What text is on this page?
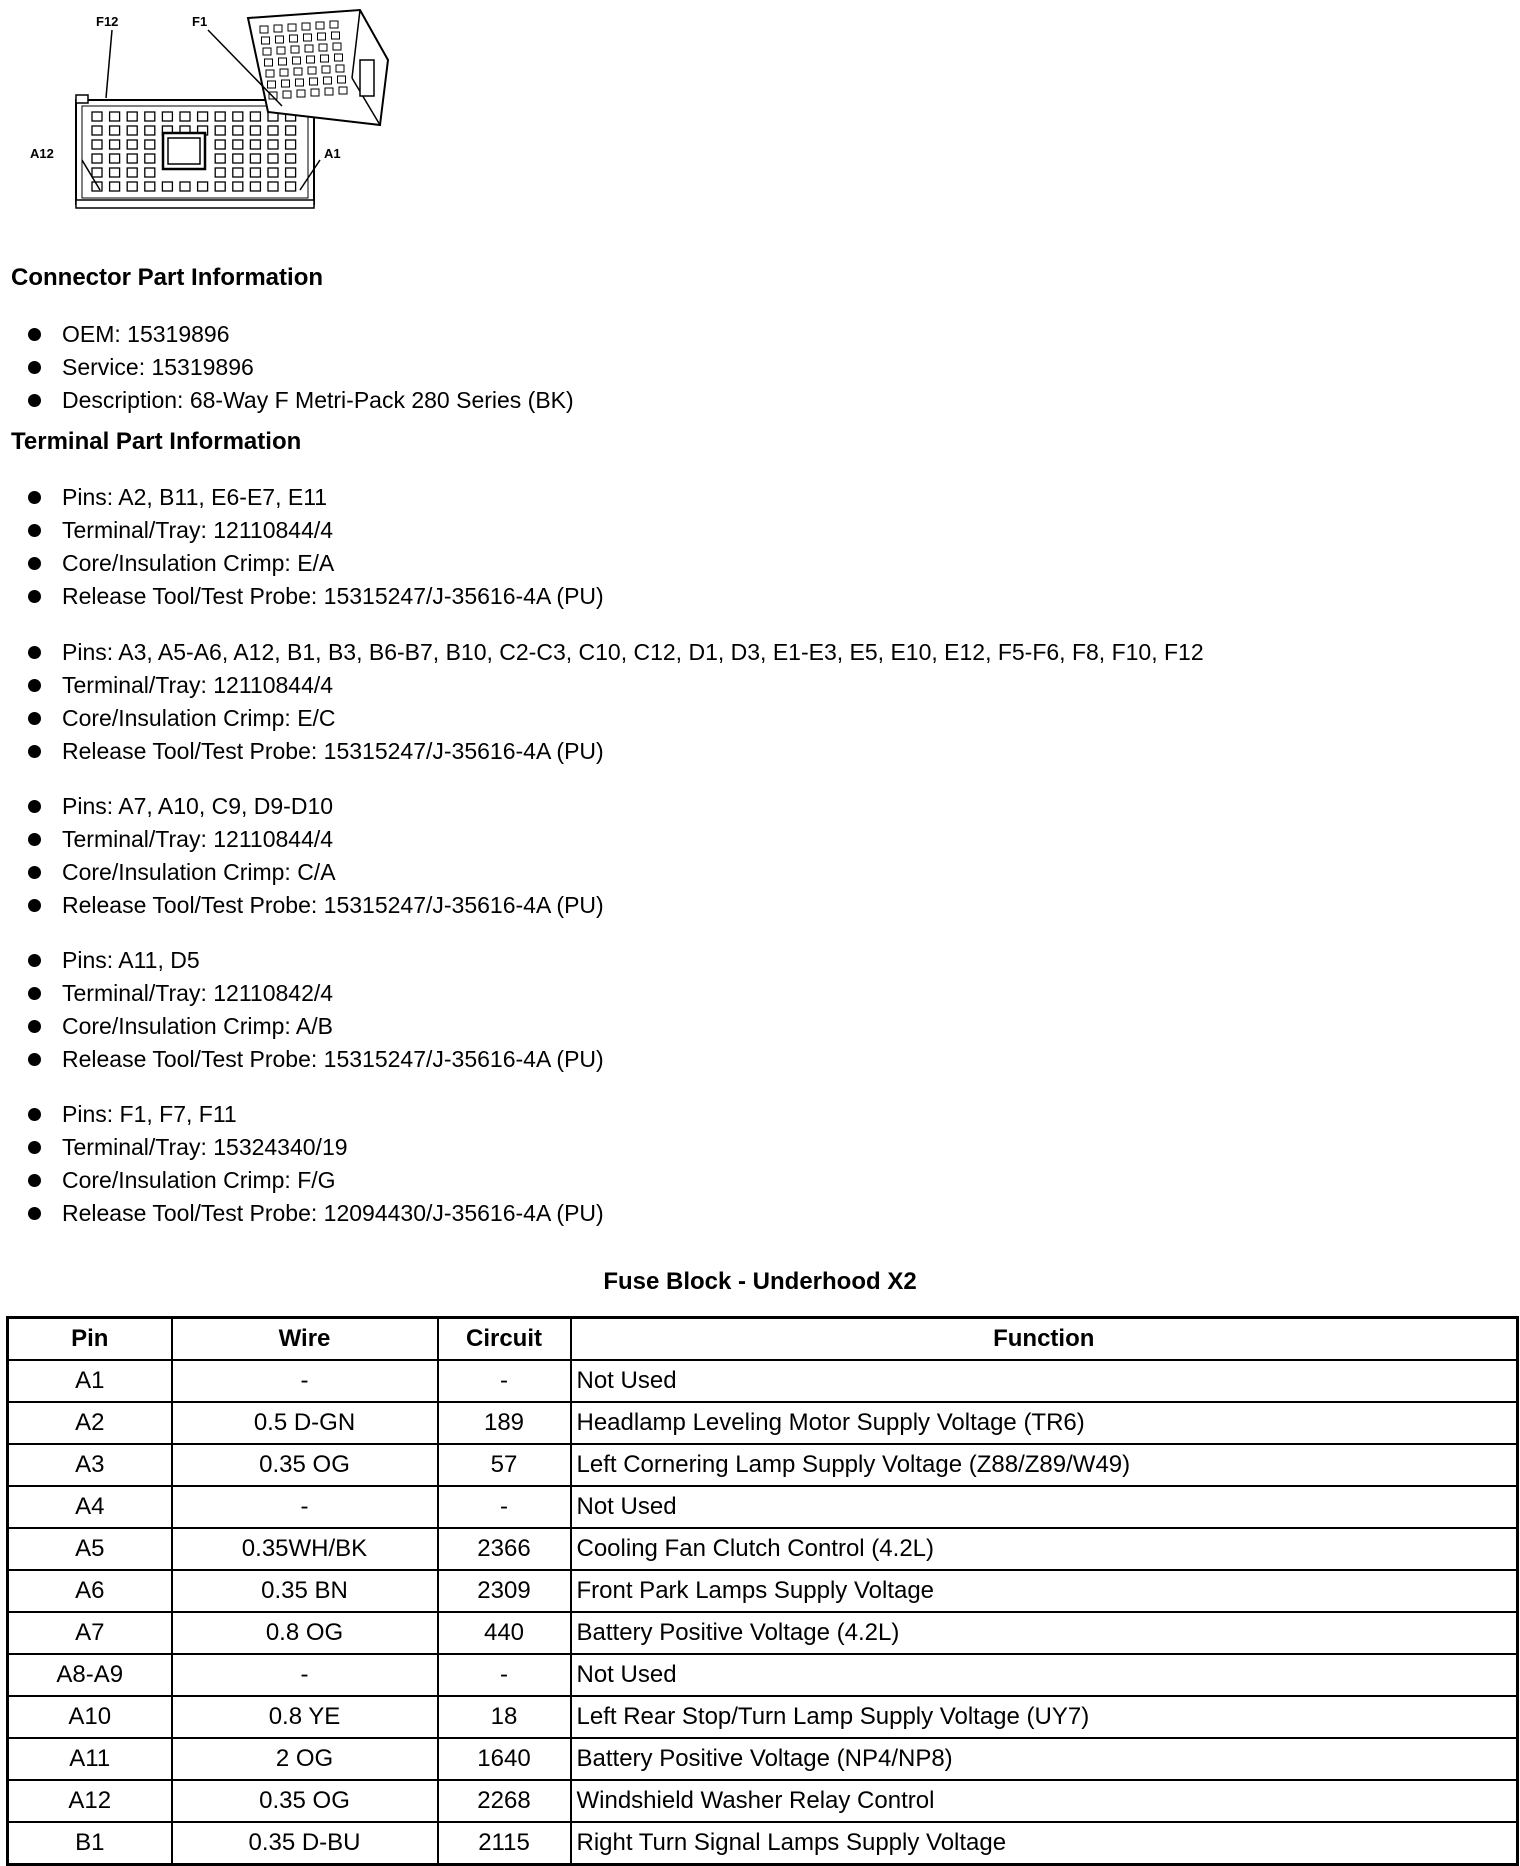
F12	F1
A12	A1
Connector Part Information
OEM: 15319896
Service: 15319896
Description: 68-Way F Metri-Pack 280 Series (BK)
Terminal Part Information
Pins: A2, B11, E6-E7, E11
Terminal/Tray: 12110844/4
Core/Insulation Crimp: E/A
Release Tool/Test Probe: 15315247/J-35616-4A (PU)
Pins: A3, A5-A6, A12, B1, B3, B6-B7, B10, C2-C3, C10, C12, D1, D3, E1-E3, E5, E10, E12, F5-F6, F8, F10, F12
Terminal/Tray: 12110844/4
Core/Insulation Crimp: E/C
Release Tool/Test Probe: 15315247/J-35616-4A (PU)
Pins: A7, A10, C9, D9-D10
Terminal/Tray: 12110844/4
Core/Insulation Crimp: C/A
Release Tool/Test Probe: 15315247/J-35616-4A (PU)
Pins: A11, D5
Terminal/Tray: 12110842/4
Core/Insulation Crimp: A/B
Release Tool/Test Probe: 15315247/J-35616-4A (PU)
Pins: F1, F7, F11
Terminal/Tray: 15324340/19
Core/Insulation Crimp: F/G
Release Tool/Test Probe: 12094430/J-35616-4A (PU)
Fuse Block - Underhood X2
Pin	Wire	Circuit	Function
A1	-	-	Not Used
A2	0.5 D-GN	189	Headlamp Leveling Motor Supply Voltage (TR6)
A3	0.35 OG	57	Left Cornering Lamp Supply Voltage (Z88/Z89/W49)
A4	-	-	Not Used
A5	0.35WH/BK	2366	Cooling Fan Clutch Control (4.2L)
A6	0.35 BN	2309	Front Park Lamps Supply Voltage
A7	0.8 OG	440	Battery Positive Voltage (4.2L)
A8-A9	-	-	Not Used
A10	0.8 YE	18	Left Rear Stop/Turn Lamp Supply Voltage (UY7)
A11	2 OG	1640	Battery Positive Voltage (NP4/NP8)
A12	0.35 OG	2268	Windshield Washer Relay Control
B1	0.35 D-BU	2115	Right Turn Signal Lamps Supply Voltage
